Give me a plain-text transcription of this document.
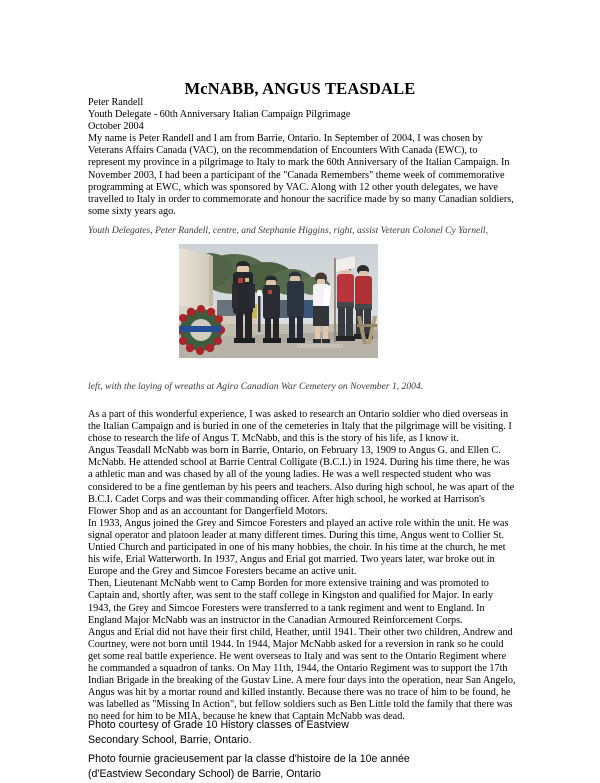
McNABB, ANGUS TEASDALE
Peter Randell
Youth Delegate - 60th Anniversary Italian Campaign Pilgrimage
October 2004

My name is Peter Randell and I am from Barrie, Ontario. In September of 2004, I was chosen by Veterans Affairs Canada (VAC), on the recommendation of Encounters With Canada (EWC), to represent my province in a pilgrimage to Italy to mark the 60th Anniversary of the Italian Campaign. In November 2003, I had been a participant of the "Canada Remembers" theme week of commemorative programming at EWC, which was sponsored by VAC. Along with 12 other youth delegates, we have travelled to Italy in order to commemorate and honour the sacrifice made by so many Canadian soldiers, some sixty years ago.

Youth Delegates, Peter Randell, centre, and Stephanie Higgins, right, assist Veteran Colonel Cy Yarnell,
left, with the laying of wreaths at Agira Canadian War Cemetery on November 1, 2004.

As a part of this wonderful experience, I was asked to research an Ontario soldier who died overseas in the Italian Campaign and is buried in one of the cemeteries in Italy that the pilgrimage will be visiting. I chose to research the life of Angus T. McNabb, and this is the story of his life, as I know it.

Angus Teasdall McNabb was born in Barrie, Ontario, on February 13, 1909 to Angus G. and Ellen C. McNabb. He attended school at Barrie Central Colligate (B.C.I.) in 1924. During his time there, he was a athletic man and was chased by all of the young ladies. He was a well respected student who was considered to be a fine gentleman by his peers and teachers. Also during high school, he was apart of the B.C.I. Cadet Corps and was their commanding officer. After high school, he worked at Harrison's Flower Shop and as an accountant for Dangerfield Motors.

In 1933, Angus joined the Grey and Simcoe Foresters and played an active role within the unit. He was signal operator and platoon leader at many different times. During this time, Angus went to Collier St. Untied Church and participated in one of his many hobbies, the choir. In his time at the church, he met his wife, Erial Watterworth. In 1937, Angus and Erial got married. Two years later, war broke out in Europe and the Grey and Simcoe Foresters became an active unit.

Then, Lieutenant McNabb went to Camp Borden for more extensive training and was promoted to Captain and, shortly after, was sent to the staff college in Kingston and qualified for Major. In early 1943, the Grey and Simcoe Foresters were transferred to a tank regiment and went to England. In England Major McNabb was an instructor in the Canadian Armoured Reinforcement Corps.

Angus and Erial did not have their first child, Heather, until 1941. Their other two children, Andrew and Courtney, were not born until 1944. In 1944, Major McNabb asked for a reversion in rank so he could get some real battle experience. He went overseas to Italy and was sent to the Ontario Regiment where he commanded a squadron of tanks. On May 11th, 1944, the Ontario Regiment was to support the 17th Indian Brigade in the breaking of the Gustav Line. A mere four days into the operation, near San Angelo, Angus was hit by a mortar round and killed instantly. Because there was no trace of him to be found, he was labelled as "Missing In Action", but fellow soldiers such as Ben Little told the family that there was no need for him to be MIA, because he knew that Captain McNabb was dead.

Photo courtesy of Grade 10 History classes of Eastview
Secondary School, Barrie, Ontario.
Photo fournie gracieusement par la classe d'histoire de la 10e année
(d'Eastview Secondary School) de Barrie, Ontario
